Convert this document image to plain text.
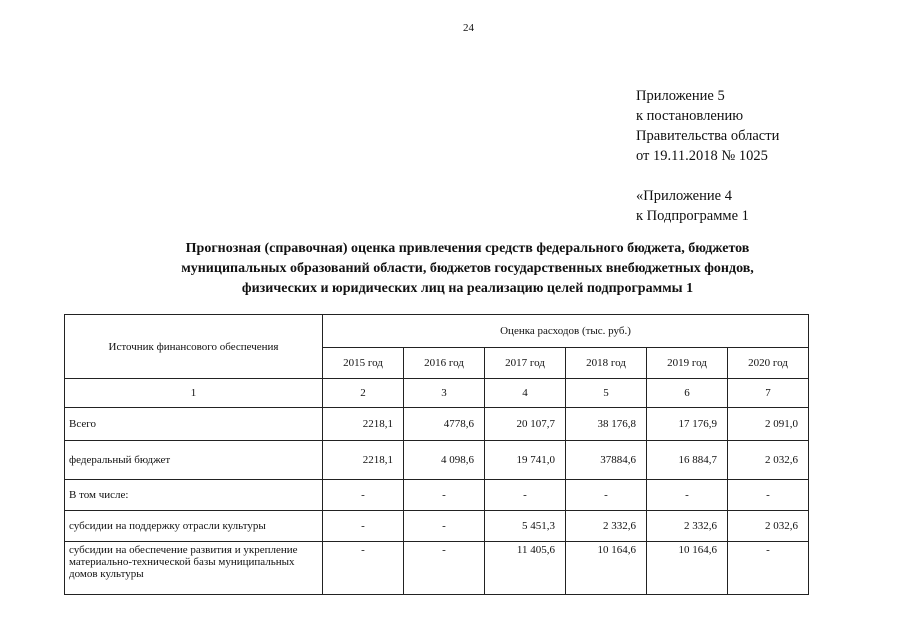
24
Приложение 5
к постановлению
Правительства области
от 19.11.2018 № 1025
«Приложение 4
к Подпрограмме 1
Прогнозная (справочная) оценка привлечения средств федерального бюджета, бюджетов
муниципальных образований области, бюджетов государственных внебюджетных фондов,
физических и юридических лиц на реализацию целей подпрограммы 1
Источник финансового обеспечения	Оценка расходов (тыс. руб.)					
	2015 год	2016 год	2017 год	2018 год	2019 год	2020 год
1	2	3	4	5	6	7
Всего	2218,1	4778,6	20 107,7	38 176,8	17 176,9	2 091,0
федеральный бюджет	2218,1	4 098,6	19 741,0	37884,6	16 884,7	2 032,6
В том числе:	-	-	-	-	-	-
субсидии на поддержку отрасли культуры	-	-	5 451,3	2 332,6	2 332,6	2 032,6
субсидии на обеспечение развития и укрепление материально-технической базы муниципальных домов культуры	-	-	11 405,6	10 164,6	10 164,6	-
